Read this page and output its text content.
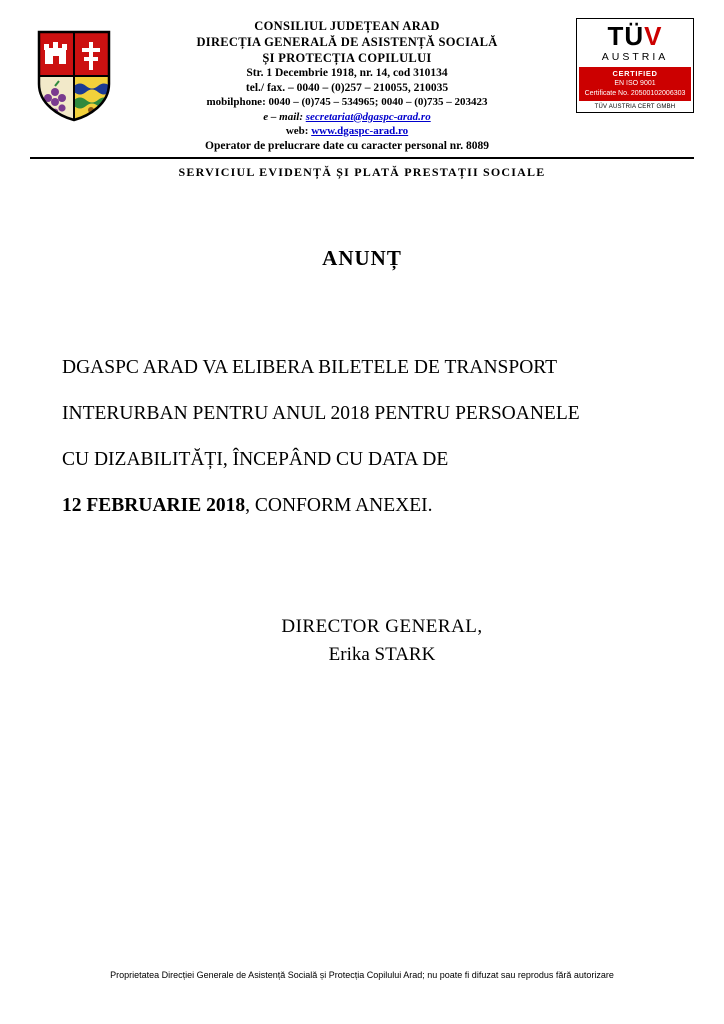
CONSILIUL JUDEȚEAN ARAD
DIRECȚIA GENERALĂ DE ASISTENȚĂ SOCIALĂ
ȘI PROTECȚIA COPILULUI
Str. 1 Decembrie 1918, nr. 14, cod 310134
tel./ fax. – 0040 – (0)257 – 210055, 210035
mobilphone: 0040 – (0)745 – 534965; 0040 – (0)735 – 203423
e – mail: secretariat@dgaspc-arad.ro
web: www.dgaspc-arad.ro
Operator de prelucrare date cu caracter personal nr. 8089
TÜV
AUSTRIA
CERTIFIED
EN ISO 9001
Certificate No. 20500102006303
TÜV AUSTRIA CERT GMBH
SERVICIUL EVIDENȚĂ ȘI PLATĂ PRESTAȚII SOCIALE
ANUNȚ
DGASPC ARAD VA ELIBERA BILETELE DE TRANSPORT
INTERURBAN PENTRU ANUL 2018 PENTRU PERSOANELE
CU DIZABILITĂȚI, ÎNCEPÂND CU DATA DE
12 FEBRUARIE 2018, CONFORM ANEXEI.
DIRECTOR GENERAL,
Erika STARK
Proprietatea Direcției Generale de Asistență Socială și Protecția Copilului Arad; nu poate fi difuzat sau reprodus fără autorizare
